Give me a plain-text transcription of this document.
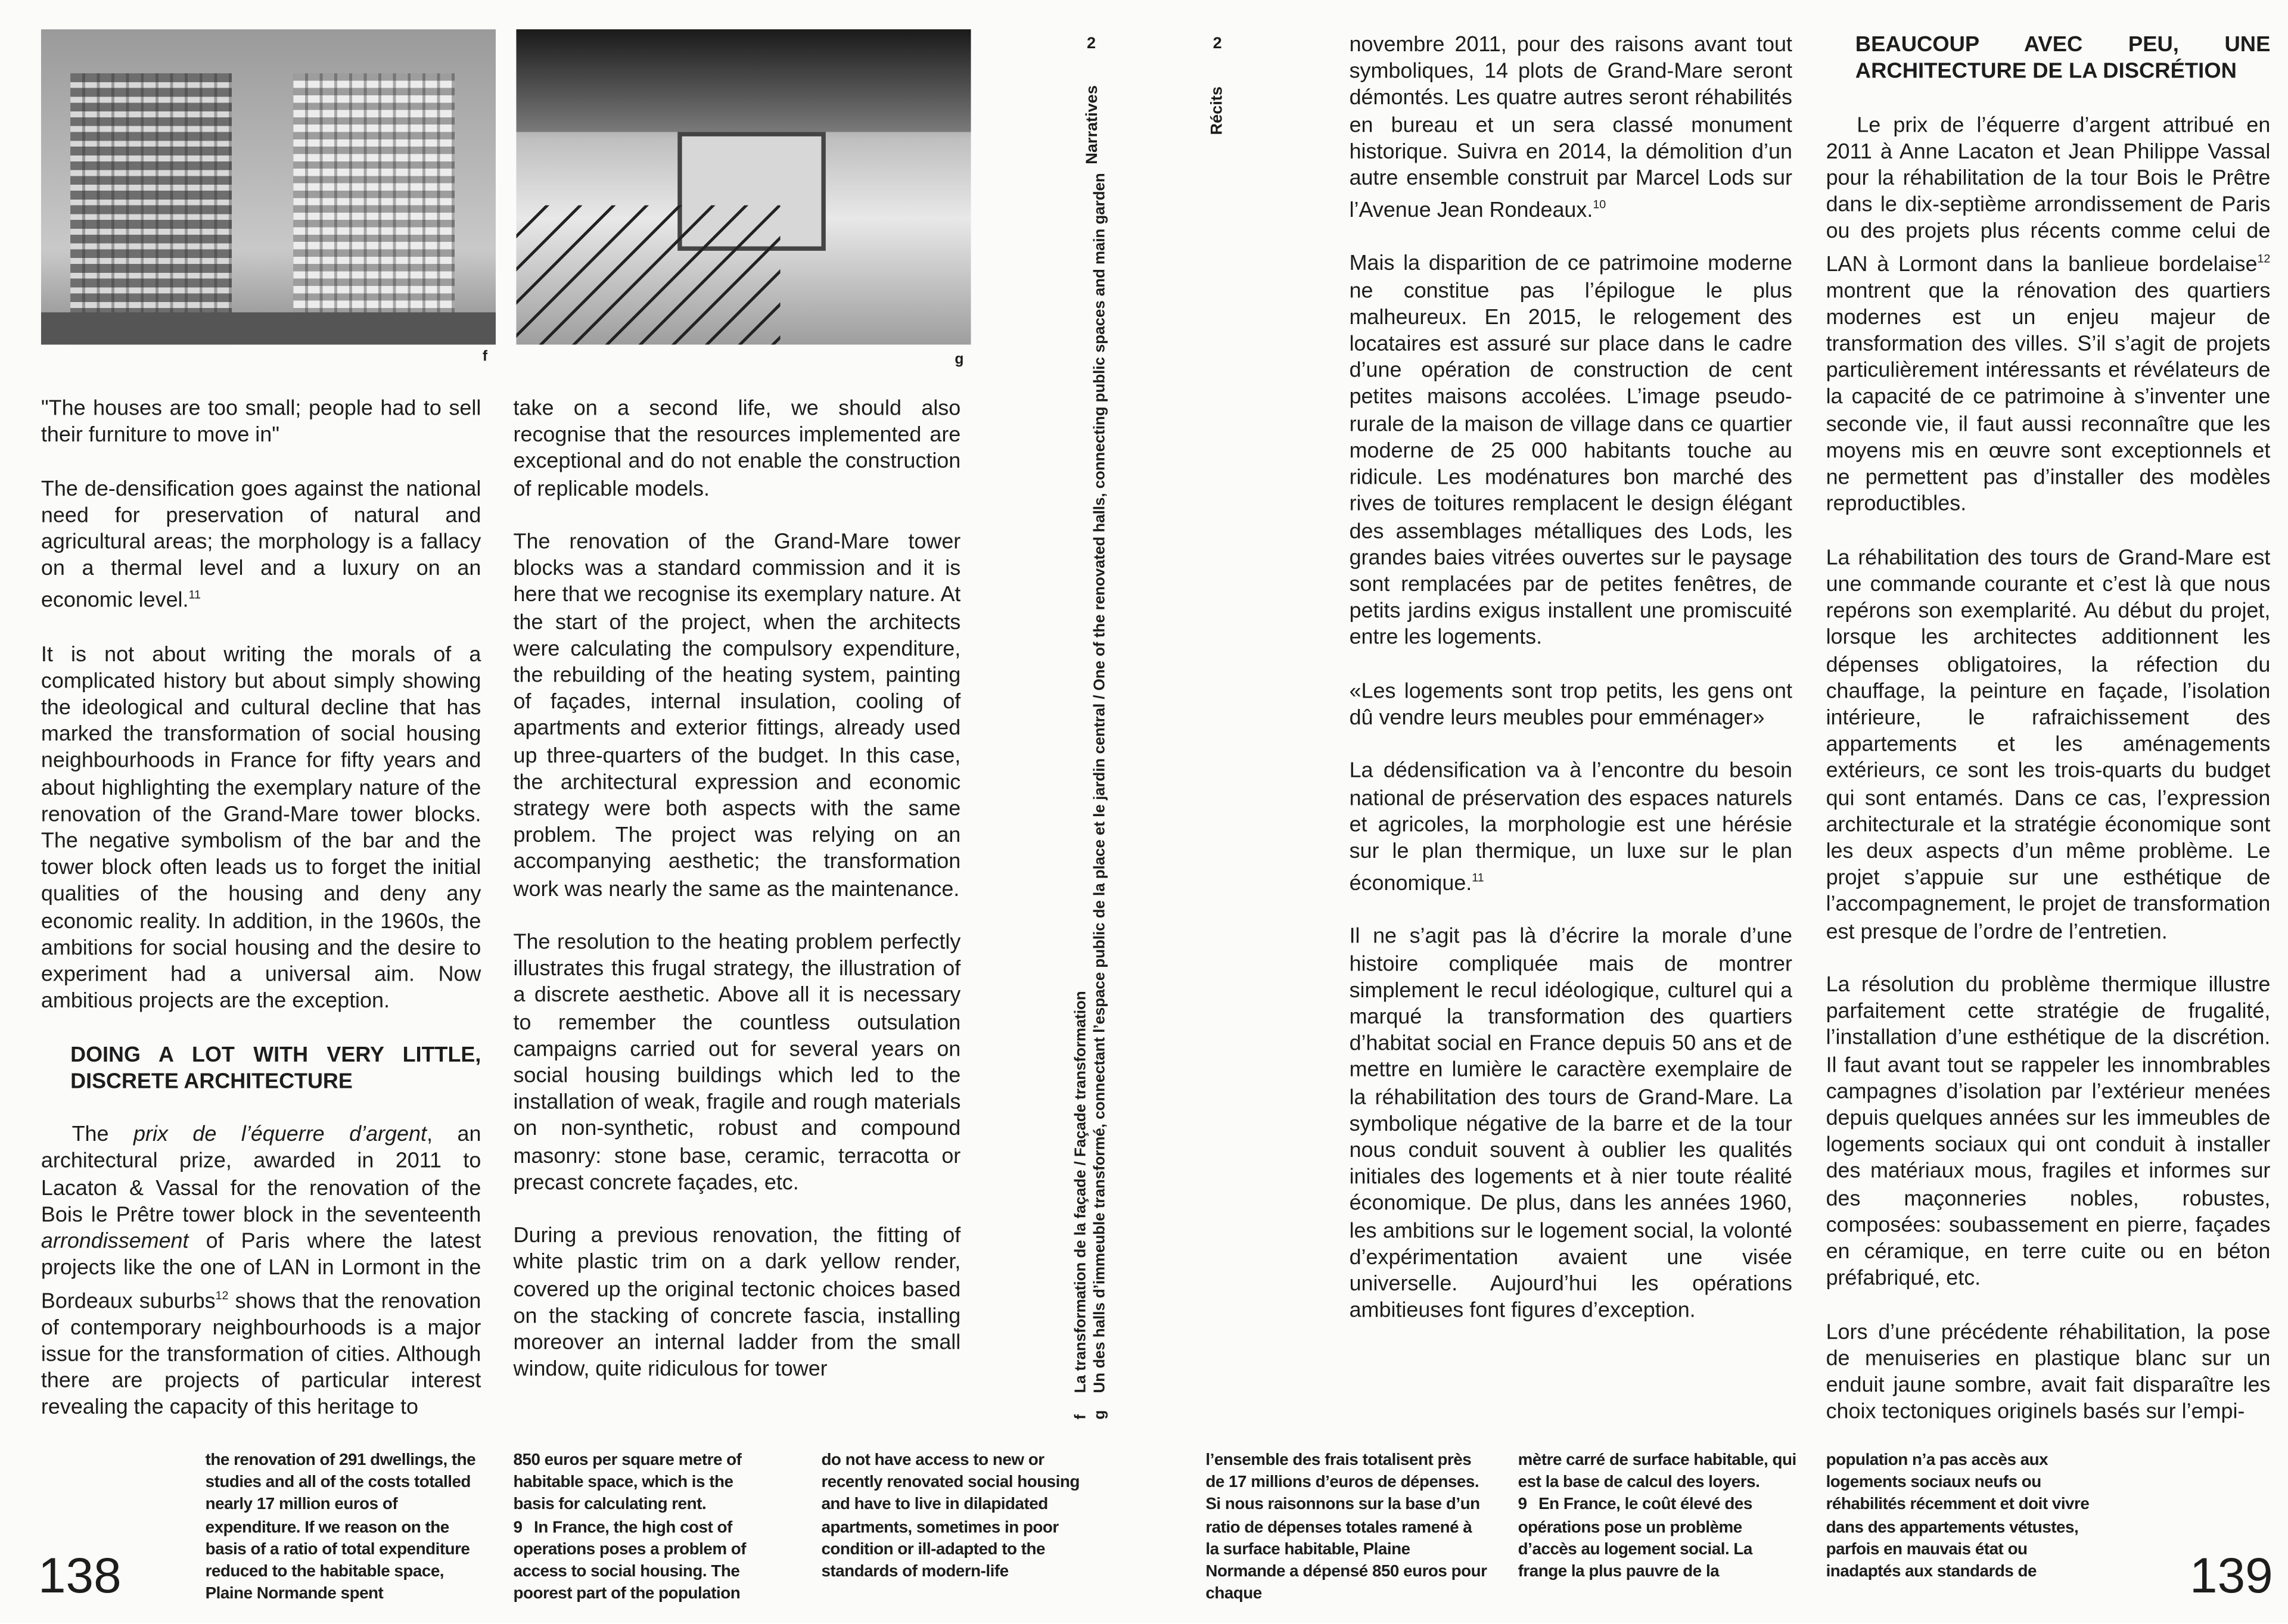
f	g
2
Narratives
2
Récits
fLa transformation de la façade / Façade transformation
gUn des halls d’immeuble transformé, connectant l’espace public de la place et le jardin central / One of the renovated halls, connecting public spaces and main garden

"The houses are too small; people had to sell their furniture to move in"

The de-densification goes against the national need for preservation of natural and agricultural areas; the morphology is a fallacy on a thermal level and a luxury on an economic level.$^{11}$

It is not about writing the morals of a complicated history but about simply showing the ideological and cultural decline that has marked the transformation of social housing neighbourhoods in France for fifty years and about highlighting the exemplary nature of the renovation of the Grand-Mare tower blocks. The negative symbolism of the bar and the tower block often leads us to forget the initial qualities of the housing and deny any economic reality. In addition, in the 1960s, the ambitions for social housing and the desire to experiment had a universal aim. Now ambitious projects are the exception.

DOING A LOT WITH VERY LITTLE, DISCRETE ARCHITECTURE

The prix de l’équerre d’argent, an architectural prize, awarded in 2011 to Lacaton & Vassal for the renovation of the Bois le Prêtre tower block in the seventeenth arrondissement of Paris where the latest projects like the one of LAN in Lormont in the Bordeaux suburbs$^{12}$ shows that the renovation of contemporary neighbourhoods is a major issue for the transformation of cities. Although there are projects of particular interest revealing the capacity of this heritage to

take on a second life, we should also recognise that the resources implemented are exceptional and do not enable the construction of replicable models.

The renovation of the Grand-Mare tower blocks was a standard commission and it is here that we recognise its exemplary nature. At the start of the project, when the architects were calculating the compulsory expenditure, the rebuilding of the heating system, painting of façades, internal insulation, cooling of apartments and exterior fittings, already used up three-quarters of the budget. In this case, the architectural expression and economic strategy were both aspects with the same problem. The project was relying on an accompanying aesthetic; the transformation work was nearly the same as the maintenance.

The resolution to the heating problem perfectly illustrates this frugal strategy, the illustration of a discrete aesthetic. Above all it is necessary to remember the countless outsulation campaigns carried out for several years on social housing buildings which led to the installation of weak, fragile and rough materials on non-synthetic, robust and compound masonry: stone base, ceramic, terracotta or precast concrete façades, etc.

During a previous renovation, the fitting of white plastic trim on a dark yellow render, covered up the original tectonic choices based on the stacking of concrete fascia, installing moreover an internal ladder from the small window, quite ridiculous for tower

novembre 2011, pour des raisons avant tout symboliques, 14 plots de Grand-Mare seront démontés. Les quatre autres seront réhabilités en bureau et un sera classé monument historique. Suivra en 2014, la démolition d’un autre ensemble construit par Marcel Lods sur l’Avenue Jean Rondeaux.$^{10}$

Mais la disparition de ce patrimoine moderne ne constitue pas l’épilogue le plus malheureux. En 2015, le relogement des locataires est assuré sur place dans le cadre d’une opération de construction de cent petites maisons accolées. L’image pseudo-rurale de la maison de village dans ce quartier moderne de 25 000 habitants touche au ridicule. Les modénatures bon marché des rives de toitures remplacent le design élégant des assemblages métalliques des Lods, les grandes baies vitrées ouvertes sur le paysage sont remplacées par de petites fenêtres, de petits jardins exigus installent une promiscuité entre les logements.

«Les logements sont trop petits, les gens ont dû vendre leurs meubles pour emménager»

La dédensification va à l’encontre du besoin national de préservation des espaces naturels et agricoles, la morphologie est une hérésie sur le plan thermique, un luxe sur le plan économique.$^{11}$

Il ne s’agit pas là d’écrire la morale d’une histoire compliquée mais de montrer simplement le recul idéologique, culturel qui a marqué la transformation des quartiers d’habitat social en France depuis 50 ans et de mettre en lumière le caractère exemplaire de la réhabilitation des tours de Grand-Mare. La symbolique négative de la barre et de la tour nous conduit souvent à oublier les qualités initiales des logements et à nier toute réalité économique. De plus, dans les années 1960, les ambitions sur le logement social, la volonté d’expérimentation avaient une visée universelle. Aujourd’hui les opérations ambitieuses font figures d’exception.

BEAUCOUP AVEC PEU, UNE ARCHITECTURE DE LA DISCRÉTION

Le prix de l’équerre d’argent attribué en 2011 à Anne Lacaton et Jean Philippe Vassal pour la réhabilitation de la tour Bois le Prêtre dans le dix-septième arrondissement de Paris ou des projets plus récents comme celui de LAN à Lormont dans la banlieue bordelaise$^{12}$ montrent que la rénovation des quartiers modernes est un enjeu majeur de transformation des villes. S’il s’agit de projets particulièrement intéressants et révélateurs de la capacité de ce patrimoine à s’inventer une seconde vie, il faut aussi reconnaître que les moyens mis en œuvre sont exceptionnels et ne permettent pas d’installer des modèles reproductibles.

La réhabilitation des tours de Grand-Mare est une commande courante et c’est là que nous repérons son exemplarité. Au début du projet, lorsque les architectes additionnent les dépenses obligatoires, la réfection du chauffage, la peinture en façade, l’isolation intérieure, le rafraichissement des appartements et les aménagements extérieurs, ce sont les trois-quarts du budget qui sont entamés. Dans ce cas, l’expression architecturale et la stratégie économique sont les deux aspects d’un même problème. Le projet s’appuie sur une esthétique de l’accompagnement, le projet de transformation est presque de l’ordre de l’entretien.

La résolution du problème thermique illustre parfaitement cette stratégie de frugalité, l’installation d’une esthétique de la discrétion. Il faut avant tout se rappeler les innombrables campagnes d’isolation par l’extérieur menées depuis quelques années sur les immeubles de logements sociaux qui ont conduit à installer des matériaux mous, fragiles et informes sur des maçonneries nobles, robustes, composées: soubassement en pierre, façades en céramique, en terre cuite ou en béton préfabriqué, etc.

Lors d’une précédente réhabilitation, la pose de menuiseries en plastique blanc sur un enduit jaune sombre, avait fait disparaître les choix tectoniques originels basés sur l’empi-

138

the renovation of 291 dwellings, the studies and all of the costs totalled nearly 17 million euros of expenditure. If we reason on the basis of a ratio of total expenditure reduced to the habitable space, Plaine Normande spent

850 euros per square metre of habitable space, which is the basis for calculating rent.

9 In France, the high cost of operations poses a problem of access to social housing. The poorest part of the population

do not have access to new or recently renovated social housing and have to live in dilapidated apartments, sometimes in poor condition or ill-adapted to the standards of modern-life

l’ensemble des frais totalisent près de 17 millions d’euros de dépenses. Si nous raisonnons sur la base d’un ratio de dépenses totales ramené à la surface habitable, Plaine Normande a dépensé 850 euros pour chaque

mètre carré de surface habitable, qui est la base de calcul des loyers.

9 En France, le coût élevé des opérations pose un problème d’accès au logement social. La frange la plus pauvre de la

population n’a pas accès aux logements sociaux neufs ou réhabilités récemment et doit vivre dans des appartements vétustes, parfois en mauvais état ou inadaptés aux standards de	139
